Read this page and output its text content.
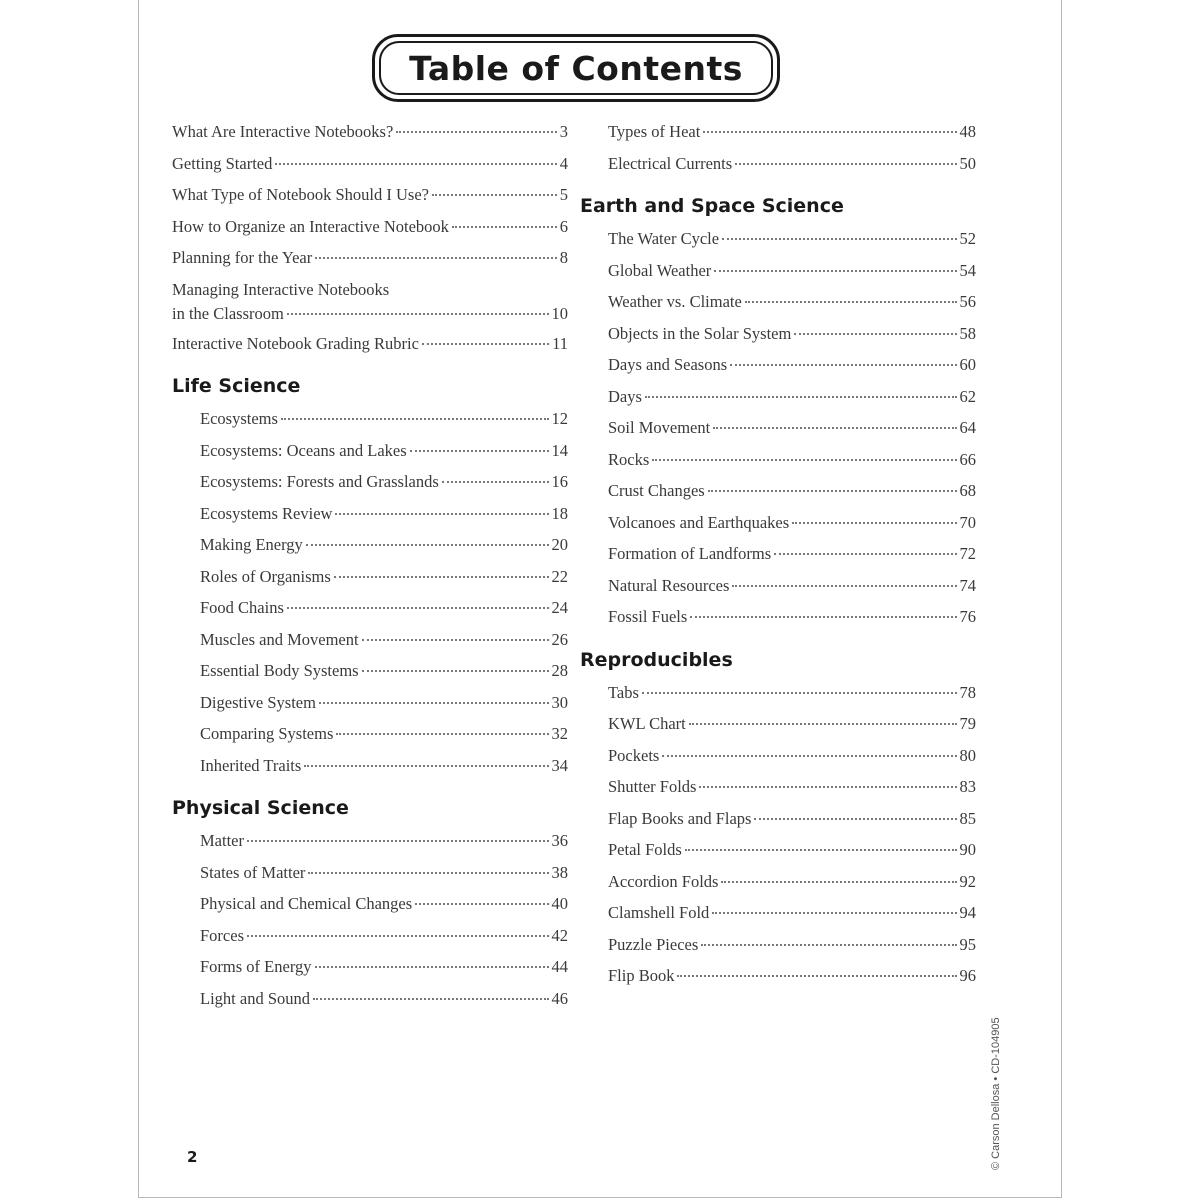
Table of Contents
What Are Interactive Notebooks?	3
Getting Started	4
What Type of Notebook Should I Use?	5
How to Organize an Interactive Notebook	6
Planning for the Year	8
Managing Interactive Notebooks
in the Classroom	10
Interactive Notebook Grading Rubric	11
Life Science
Ecosystems	12
Ecosystems: Oceans and Lakes	14
Ecosystems: Forests and Grasslands	16
Ecosystems Review	18
Making Energy	20
Roles of Organisms	22
Food Chains	24
Muscles and Movement	26
Essential Body Systems	28
Digestive System	30
Comparing Systems	32
Inherited Traits	34
Physical Science
Matter	36
States of Matter	38
Physical and Chemical Changes	40
Forces	42
Forms of Energy	44
Light and Sound	46
Types of Heat	48
Electrical Currents	50
Earth and Space Science
The Water Cycle	52
Global Weather	54
Weather vs. Climate	56
Objects in the Solar System	58
Days and Seasons	60
Days	62
Soil Movement	64
Rocks	66
Crust Changes	68
Volcanoes and Earthquakes	70
Formation of Landforms	72
Natural Resources	74
Fossil Fuels	76
Reproducibles
Tabs	78
KWL Chart	79
Pockets	80
Shutter Folds	83
Flap Books and Flaps	85
Petal Folds	90
Accordion Folds	92
Clamshell Fold	94
Puzzle Pieces	95
Flip Book	96
2	© Carson Dellosa • CD-104905
